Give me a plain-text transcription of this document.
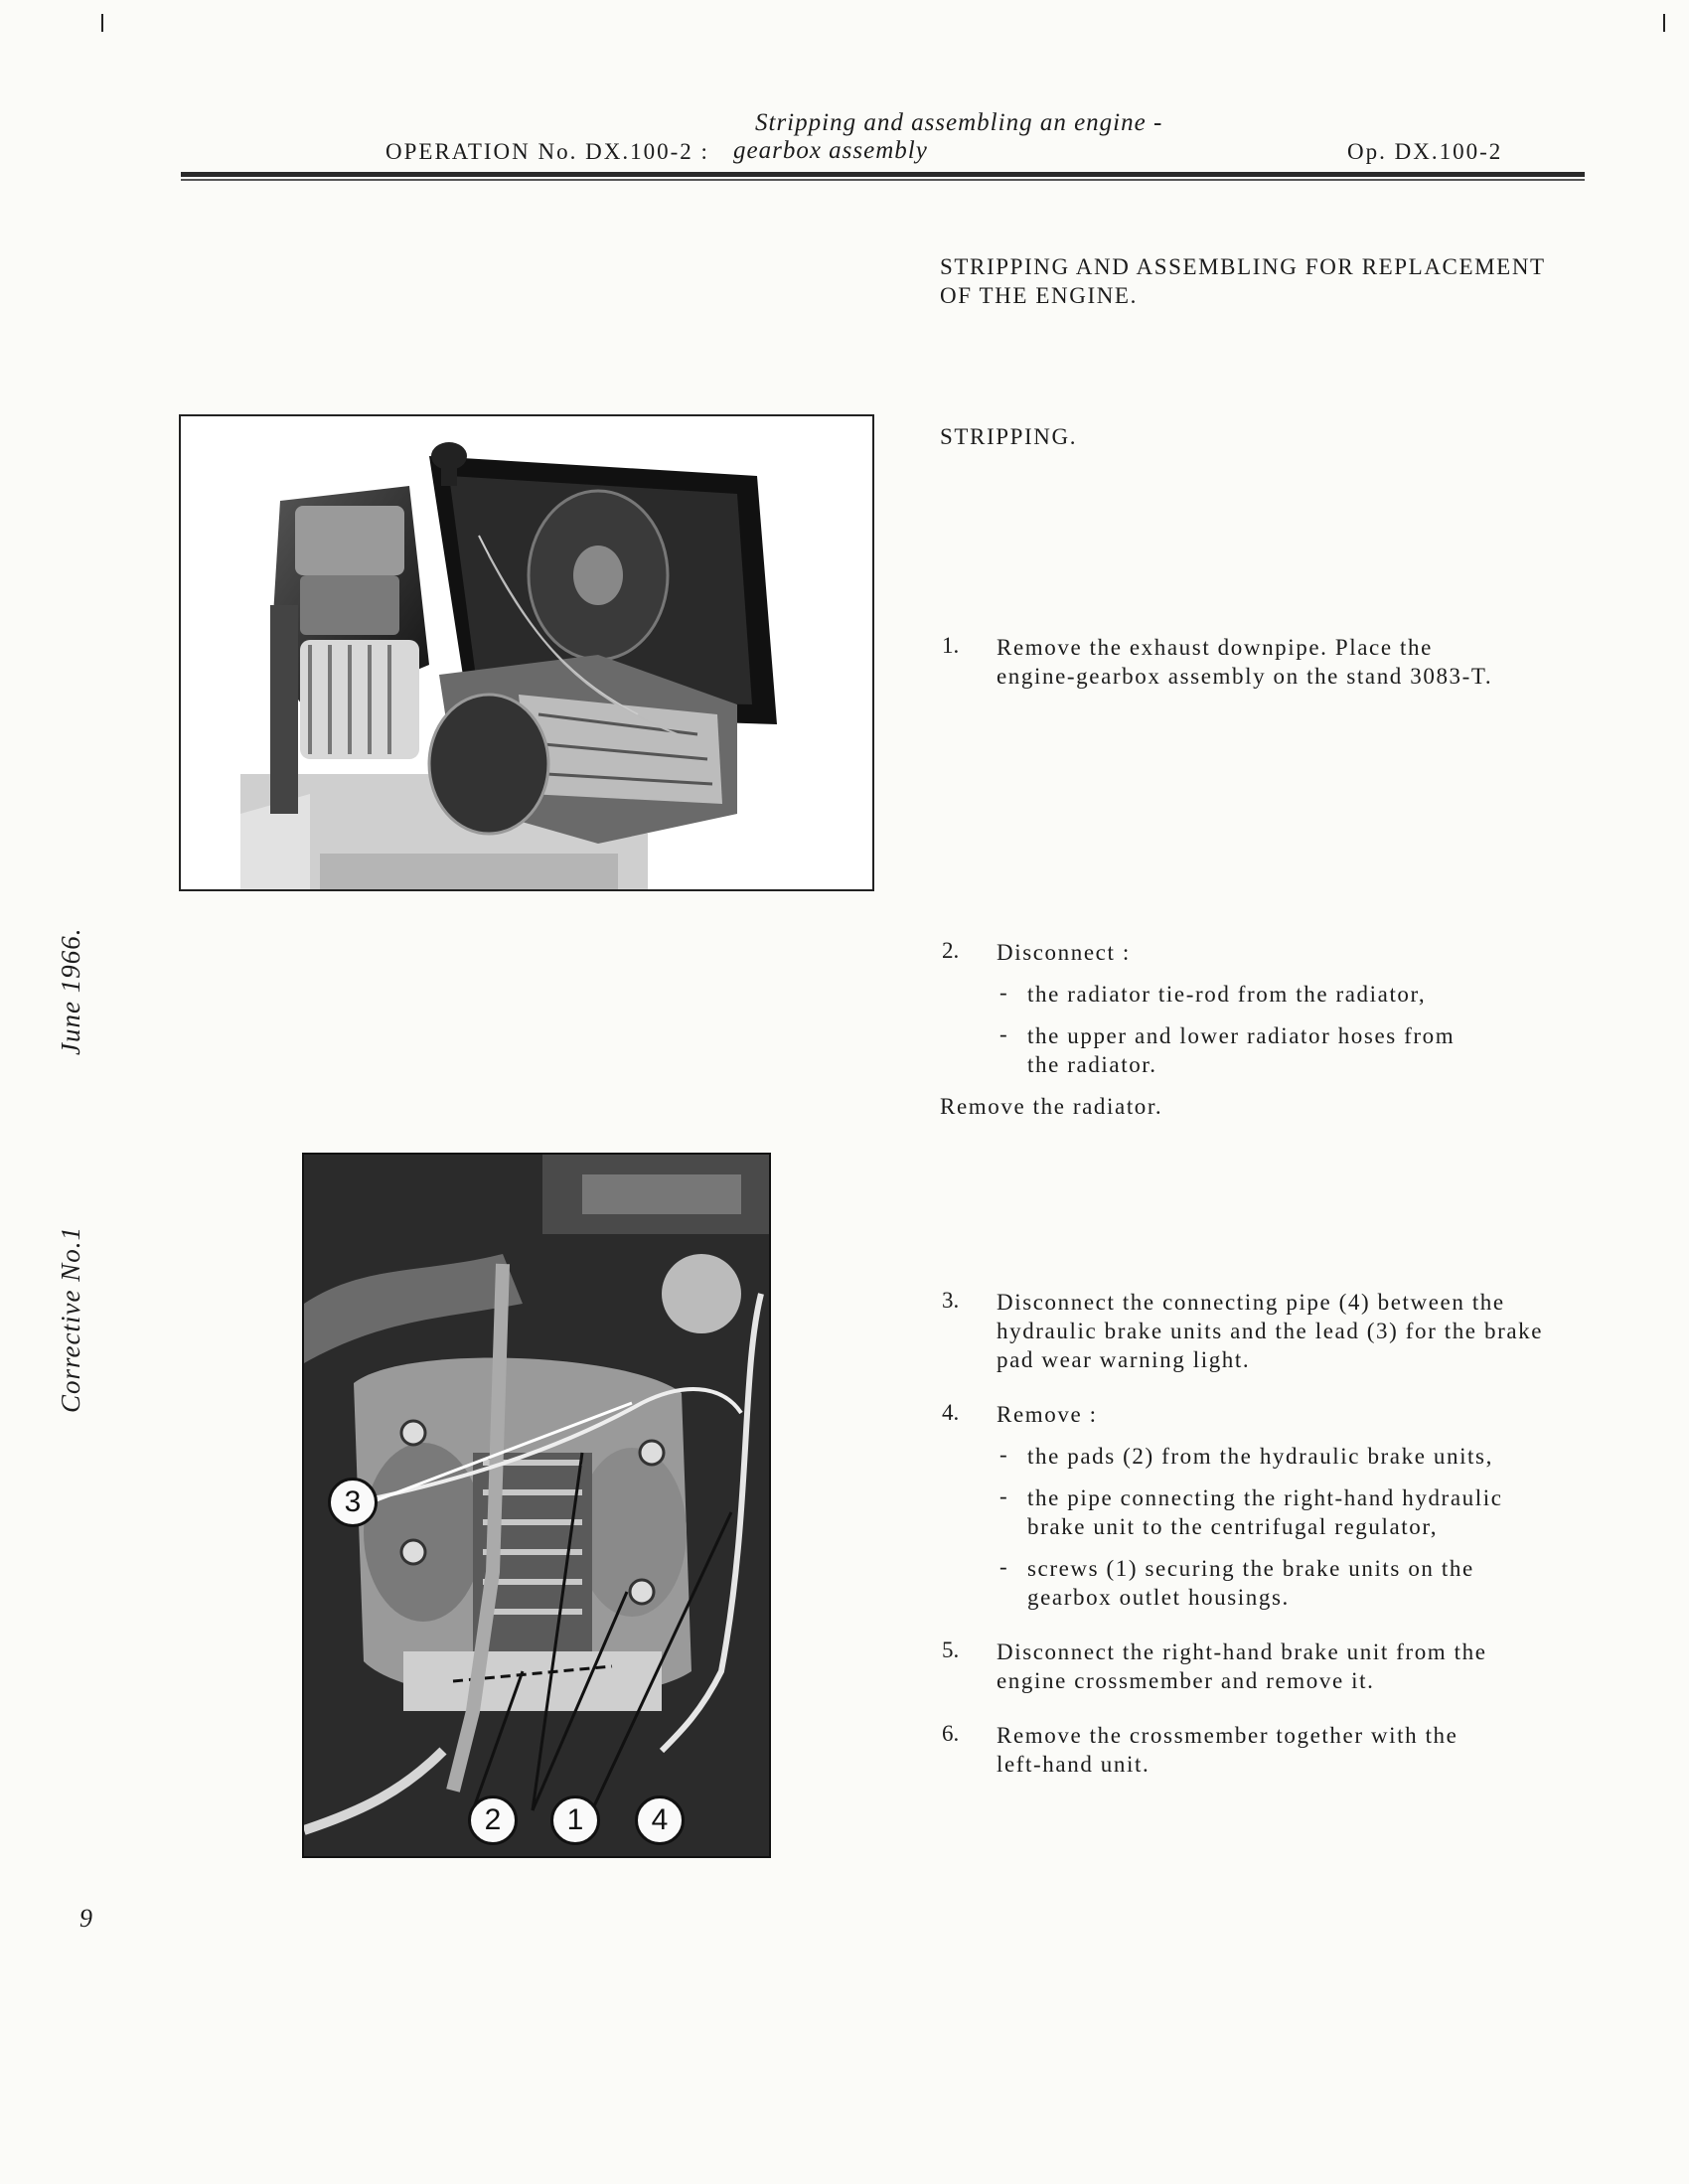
Stripping and assembling an engine -
OPERATION No. DX.100-2 : gearbox assembly	Op. DX.100-2
STRIPPING AND ASSEMBLING FOR REPLACEMENT
OF THE ENGINE.
STRIPPING.
June 1966.
Corrective No.1
9
1. Remove the exhaust downpipe. Place the
engine-gearbox assembly on the stand 3083-T.
2. Disconnect :
- the radiator tie-rod from the radiator,
- the upper and lower radiator hoses from
the radiator.
Remove the radiator.
3
2	1	4
3. Disconnect the connecting pipe (4) between the
hydraulic brake units and the lead (3) for the brake
pad wear warning light.
4. Remove :
- the pads (2) from the hydraulic brake units,
- the pipe connecting the right-hand hydraulic
brake unit to the centrifugal regulator,
- screws (1) securing the brake units on the
gearbox outlet housings.
5. Disconnect the right-hand brake unit from the
engine crossmember and remove it.
6. Remove the crossmember together with the
left-hand unit.
